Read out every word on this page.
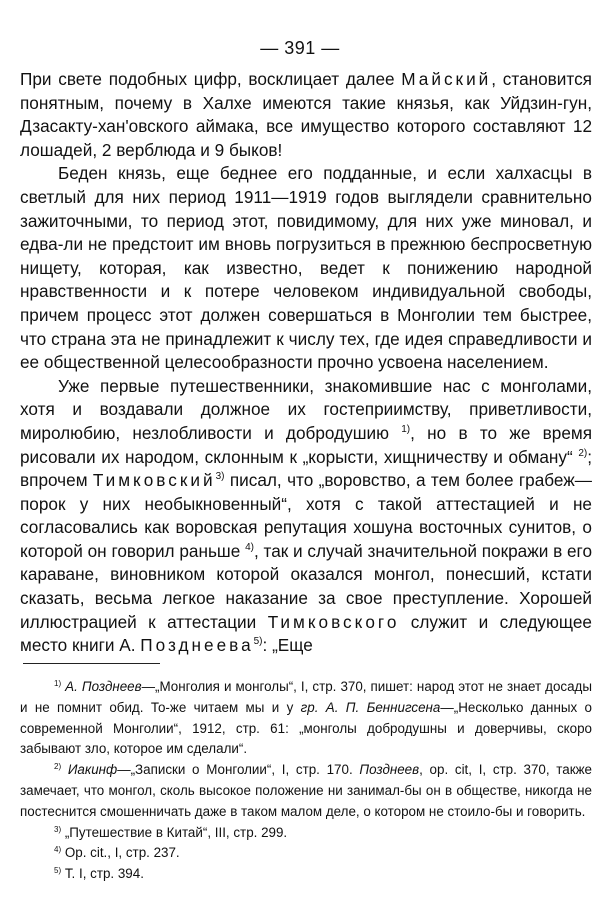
— 391 —

При свете подобных цифр, восклицает далее Майский, становится понятным, почему в Халхе имеются такие князья, как Уйдзин-гун, Дзасакту-хан'овского аймака, все имущество которого составляют 12 лошадей, 2 верблюда и 9 быков!

Беден князь, еще беднее его подданные, и если халхасцы в светлый для них период 1911—1919 годов выглядели сравнительно зажиточными, то период этот, повидимому, для них уже миновал, и едва-ли не предстоит им вновь погрузиться в прежнюю беспросветную нищету, которая, как известно, ведет к понижению народной нравственности и к потере человеком индивидуальной свободы, причем процесс этот должен совершаться в Монголии тем быстрее, что страна эта не принадлежит к числу тех, где идея справедливости и ее общественной целесообразности прочно усвоена населением.

Уже первые путешественники, знакомившие нас с монголами, хотя и воздавали должное их гостеприимству, приветливости, миролюбию, незлобливости и добродушию $^{1)}$, но в то же время рисовали их народом, склонным к „корысти, хищничеству и обману“ $^{2)}$; впрочем Тимковский$^{3)}$ писал, что „воровство, а тем более грабеж—порок у них необыкновенный“, хотя с такой аттестацией и не согласовались как воровская репутация хошуна восточных сунитов, о которой он говорил раньше $^{4)}$, так и случай значительной покражи в его караване, виновником которой оказался монгол, понесший, кстати сказать, весьма легкое наказание за свое преступление. Хорошей иллюстрацией к аттестации Тимковского служит и следующее место книги А. Позднеева$^{5)}$: „Еще

$^{1)}$ А. Позднеев—„Монголия и монголы“, I, стр. 370, пишет: народ этот не знает досады и не помнит обид. То-же читаем мы и у гр. А. П. Беннигсена—„Несколько данных о современной Монголии“, 1912, стр. 61: „монголы добродушны и доверчивы, скоро забывают зло, которое им сделали“.

$^{2)}$ Иакинф—„Записки о Монголии“, I, стр. 170. Позднеев, op. cit, I, стр. 370, также замечает, что монгол, сколь высокое положение ни занимал-бы он в обществе, никогда не постеснится смошенничать даже в таком малом деле, о котором не стоило-бы и говорить.

$^{3)}$ „Путешествие в Китай“, III, стр. 299.

$^{4)}$ Op. cit., I, стр. 237.

$^{5)}$ Т. I, стр. 394.
